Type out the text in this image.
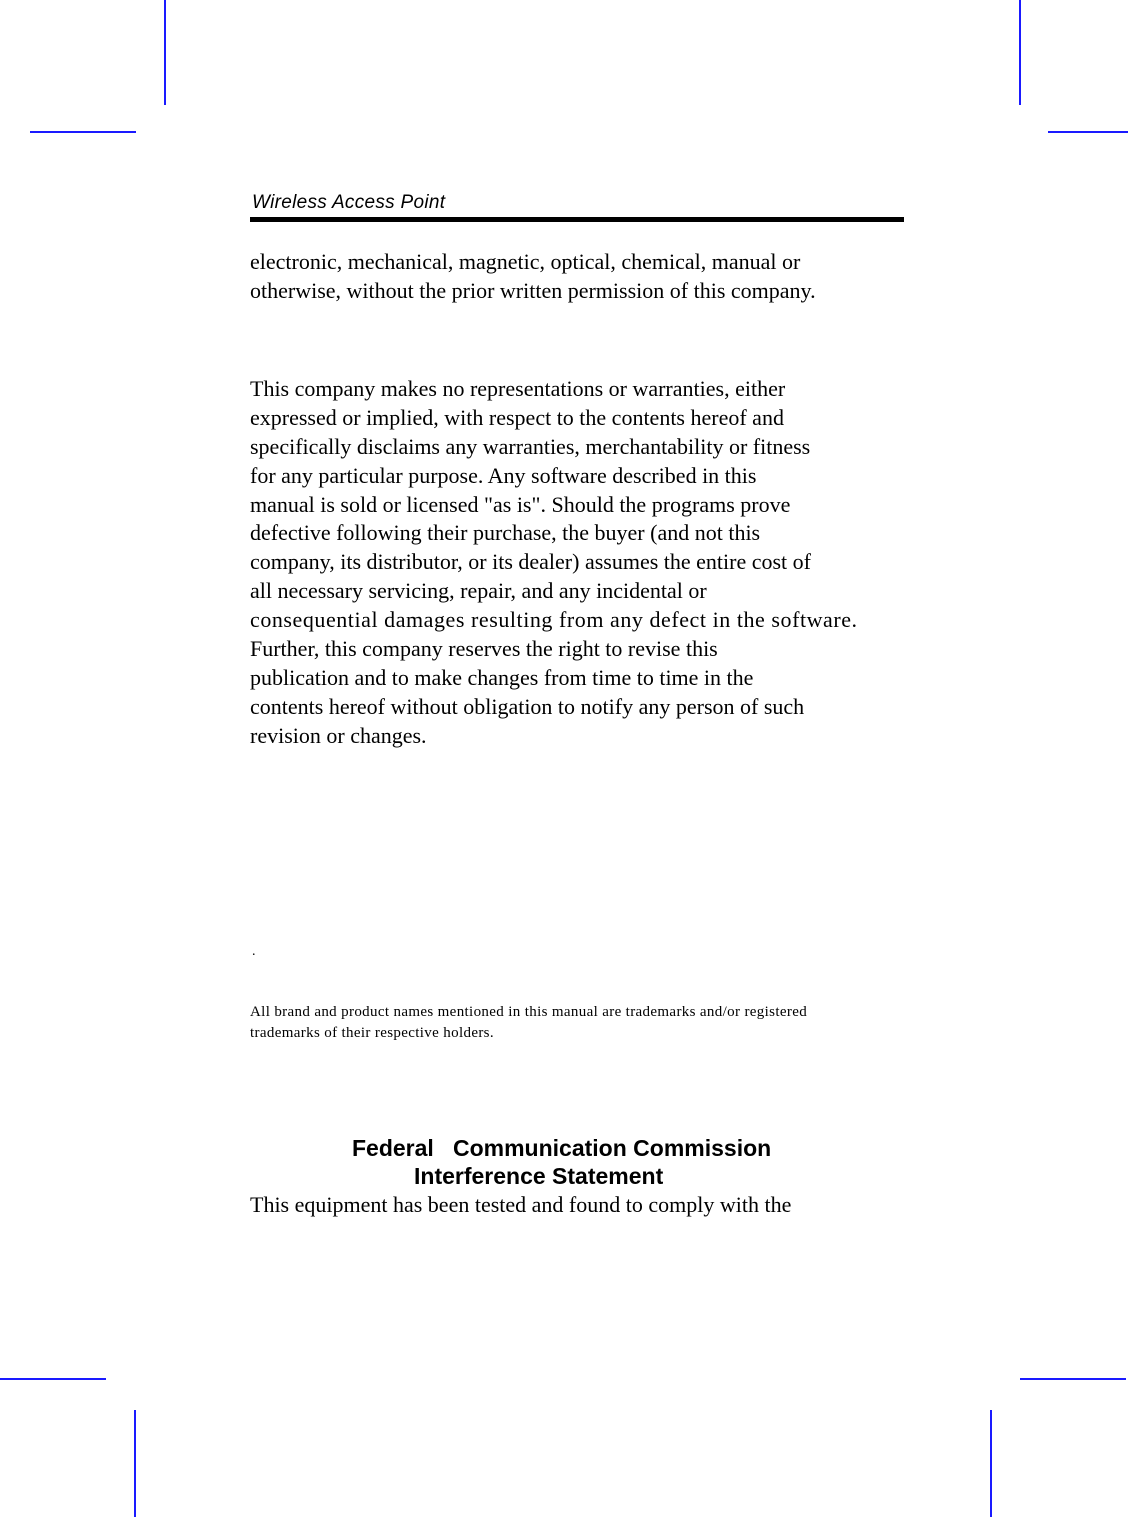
Wireless Access Point

electronic, mechanical, magnetic, optical, chemical, manual or
otherwise, without the prior written permission of this company.

This company makes no representations or warranties, either
expressed or implied, with respect to the contents hereof and
specifically disclaims any warranties, merchantability or fitness
for any particular purpose. Any software described in this
manual is sold or licensed "as is". Should the programs prove
defective following their purchase, the buyer (and not this
company, its distributor, or its dealer) assumes the entire cost of
all necessary servicing, repair, and any incidental or
consequential damages resulting from any defect in the software.
Further, this company reserves the right to revise this
publication and to make changes from time to time in the
contents hereof without obligation to notify any person of such
revision or changes.

.

All brand and product names mentioned in this manual are trademarks and/or registered
trademarks of their respective holders.

Federal   Communication Commission
Interference Statement

This equipment has been tested and found to comply with the
